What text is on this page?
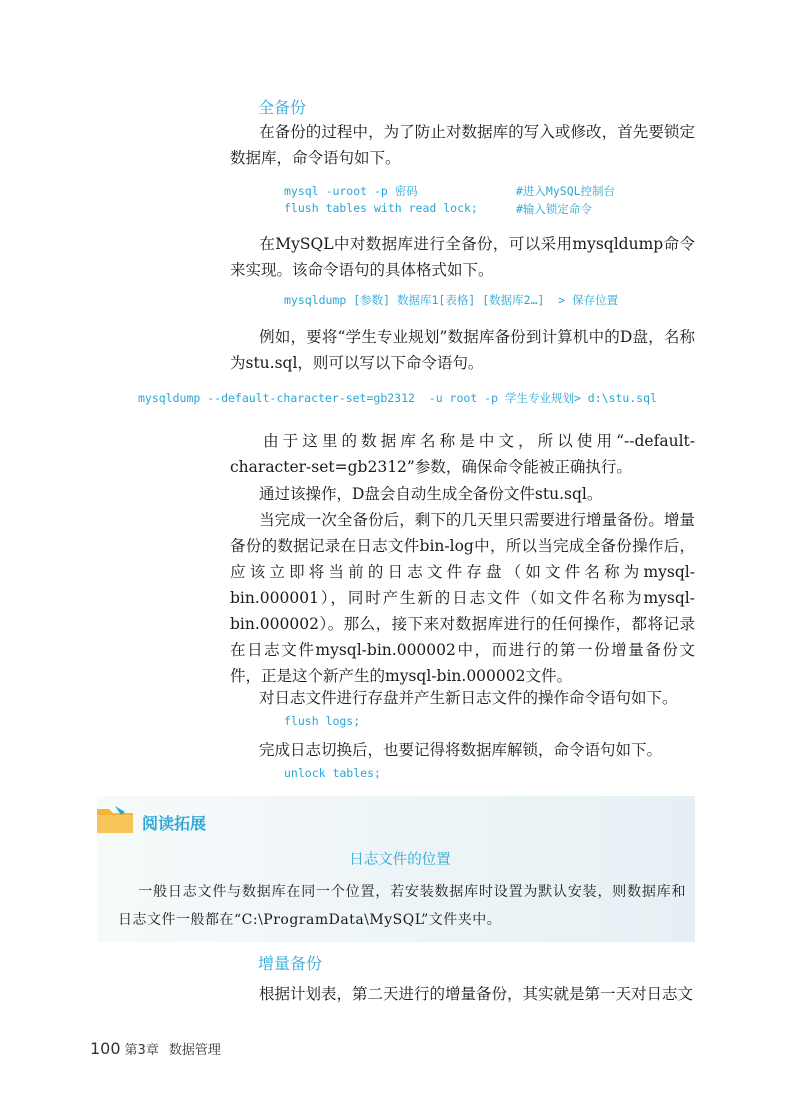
全备份
在备份的过程中，为了防止对数据库的写入或修改，首先要锁定数据库，命令语句如下。
mysql -uroot -p 密码	#进入MySQL控制台
flush tables with read lock;	#输入锁定命令
在MySQL中对数据库进行全备份，可以采用mysqldump命令来实现。该命令语句的具体格式如下。
mysqldump [参数] 数据库1[表格] [数据库2…]  > 保存位置
例如，要将“学生专业规划”数据库备份到计算机中的D盘，名称为stu.sql，则可以写以下命令语句。
mysqldump --default-character-set=gb2312  -u root -p 学生专业规划> d:\stu.sql
由于这里的数据库名称是中文，所以使用“--default-character-set=gb2312”参数，确保命令能被正确执行。
通过该操作，D盘会自动生成全备份文件stu.sql。
当完成一次全备份后，剩下的几天里只需要进行增量备份。增量备份的数据记录在日志文件bin-log中，所以当完成全备份操作后，应该立即将当前的日志文件存盘（如文件名称为mysql-bin.000001），同时产生新的日志文件（如文件名称为mysql-bin.000002）。那么，接下来对数据库进行的任何操作，都将记录在日志文件mysql-bin.000002中，而进行的第一份增量备份文件，正是这个新产生的mysql-bin.000002文件。
对日志文件进行存盘并产生新日志文件的操作命令语句如下。
flush logs;
完成日志切换后，也要记得将数据库解锁，命令语句如下。
unlock tables;
阅读拓展
日志文件的位置
一般日志文件与数据库在同一个位置，若安装数据库时设置为默认安装，则数据库和日志文件一般都在“C:\ProgramData\MySQL”文件夹中。
增量备份
根据计划表，第二天进行的增量备份，其实就是第一天对日志文
100 第3章 数据管理
